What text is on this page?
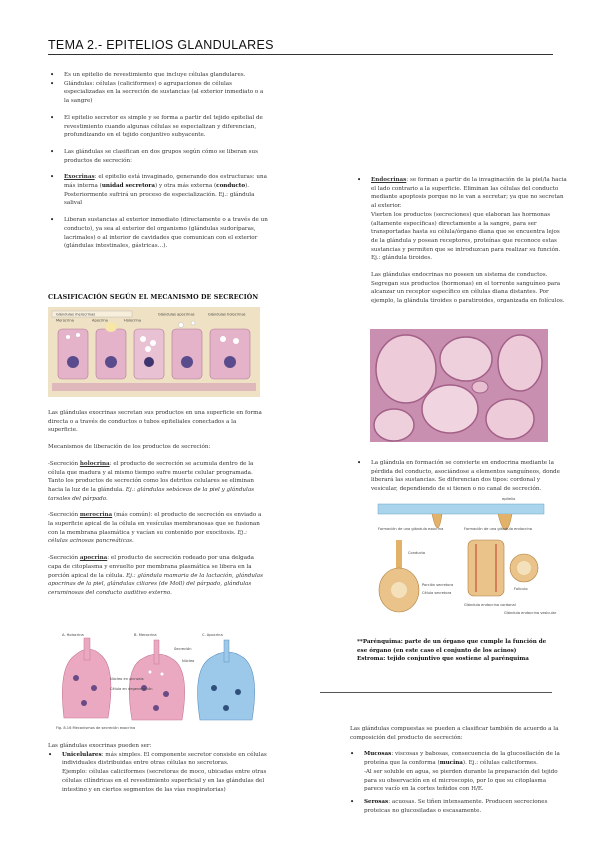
TEMA 2.- EPITELIOS GLANDULARES
• Es un epitelio de revestimiento que incluye células glandulares.
• Glándulas: células (caliciformes) o agrupaciones de células especializadas en la secreción de sustancias (al exterior inmediato o a la sangre)
• El epitelio secretor es simple y se forma a partir del tejido epitelial de revestimiento cuando algunas células se especializan y diferencian, profundizando en el tejido conjuntivo subyacente.
• Las glándulas se clasifican en dos grupos según cómo se liberan sus productos de secreción:
• Exocrinas: el epitelio está invaginado, generando dos estructuras: una más interna (unidad secretora) y otra más externa (conducto). Posteriormente sufrirá un proceso de especialización. Ej.: glándula salival
• Liberan sustancias al exterior inmediato (directamente o a través de un conducto), ya sea al exterior del organismo (glándulas sudoríparas, lacrimales) o al interior de cavidades que comunican con el exterior (glándulas intestinales, gástricas…).
CLASIFICACIÓN SEGÚN EL MECANISMO DE SECRECIÓN
Glándulas merocrinas
Merocrina	Apocrina	Holocrina
Glándulas apocrinas	Glándulas holocrinas

Las glándulas exocrinas secretan sus productos en una superficie en forma directa o a través de conductos o tubos epiteliales conectados a la superficie.

Mecanismos de liberación de los productos de secreción:

-Secreción holocrina: el producto de secreción se acumula dentro de la célula que madura y al mismo tiempo sufre muerte celular programada. Tanto los productos de secreción como los detritos celulares se eliminan hacia la luz de la glándula. Ej.: glándulas sebáceas de la piel y glándulas tarsales del párpado.

-Secreción merocrina (más común): el producto de secreción es enviado a la superficie apical de la célula en vesículas membranosas que se fusionan con la membrana plasmática y vacían su contenido por exocitosis. Ej.: células acinosas pancreáticas.

-Secreción apocrina: el producto de secreción rodeado por una delgada capa de citoplasma y envuelto por membrana plasmática se libera en la porción apical de la célula. Ej.: glándula mamaria de la lactación, glándulas apocrinas de la piel, glándulas ciliares (de Moll) del párpado, glándulas ceruminosas del conducto auditivo externo.

A. Holocrina	B. Merocrina	C. Apocrina
Secreción
Núcleo
Núcleo en picnosis
Célula en degeneración
Fig. 8.16 Mecanismos de secreción exocrina

Las glándulas exocrinas pueden ser:

• Unicelulares: más simples. El componente secretor consiste en células individuales distribuidas entre otras células no secretoras.

Ejemplo: células caliciformes (secretoras de moco, ubicadas entre otras células cilíndricas en el revestimiento superficial y en las glándulas del intestino y en ciertos segmentos de las vías respiratorias)

• Endocrinas: se forman a partir de la invaginación de la piel/la hacia el lado contrario a la superficie. Eliminan las células del conducto mediante apoptosis porque no le van a secretar; ya que no secretan al exterior.

Vierten los productos (secreciones) que elaboran las hormonas (altamente específicas) directamente a la sangre, para ser transportadas hasta su célula/órgano diana que se encuentra lejos de la glándula y posean receptores, proteínas que reconoce estas sustancias y permiten que se introduzcan para realizar su función. Ej.: glándula tiroides.

Las glándulas endocrinas no poseen un sistema de conductos. Segregan sus productos (hormonas) en el torrente sanguíneo para alcanzar un receptor específico en células diana distantes. Por ejemplo, la glándula tiroides o paratiroides, organizada en folículos.

• La glándula en formación se convierte en endocrina mediante la pérdida del conducto, asociándose a elementos sanguíneos, donde liberará las sustancias. Se diferencian dos tipos: cordonal y vesicular, dependiendo de si tienen o no canal de secreción.
epitelio
Formación de una glándula exocrina	Formación de una glándula endocrina
Conducto
Porción secretora
Célula secretora
Folículo
Glándula endocrina cordonal
Glándula endocrina vesicular

**Parénquima: parte de un órgano que cumple la función de ese órgano (en este caso el conjunto de los acinos)

Estroma: tejido conjuntivo que sostiene al parénquima

Las glándulas compuestas se pueden a clasificar también de acuerdo a la composición del producto de secreción:

• Mucosas: viscosas y babosas, consecuencia de la glucosilación de la proteína que la conforma (mucina). Ej.: células caliciformes.

-Al ser soluble en agua, se pierden durante la preparación del tejido para su observación en el microscopio, por lo que su citoplasma parece vacío en la cortes teñidos con H/E.

• Serosas: acuosas. Se tiñen intensamente. Producen secreciones proteicas no glucosiladas o escasamente.
